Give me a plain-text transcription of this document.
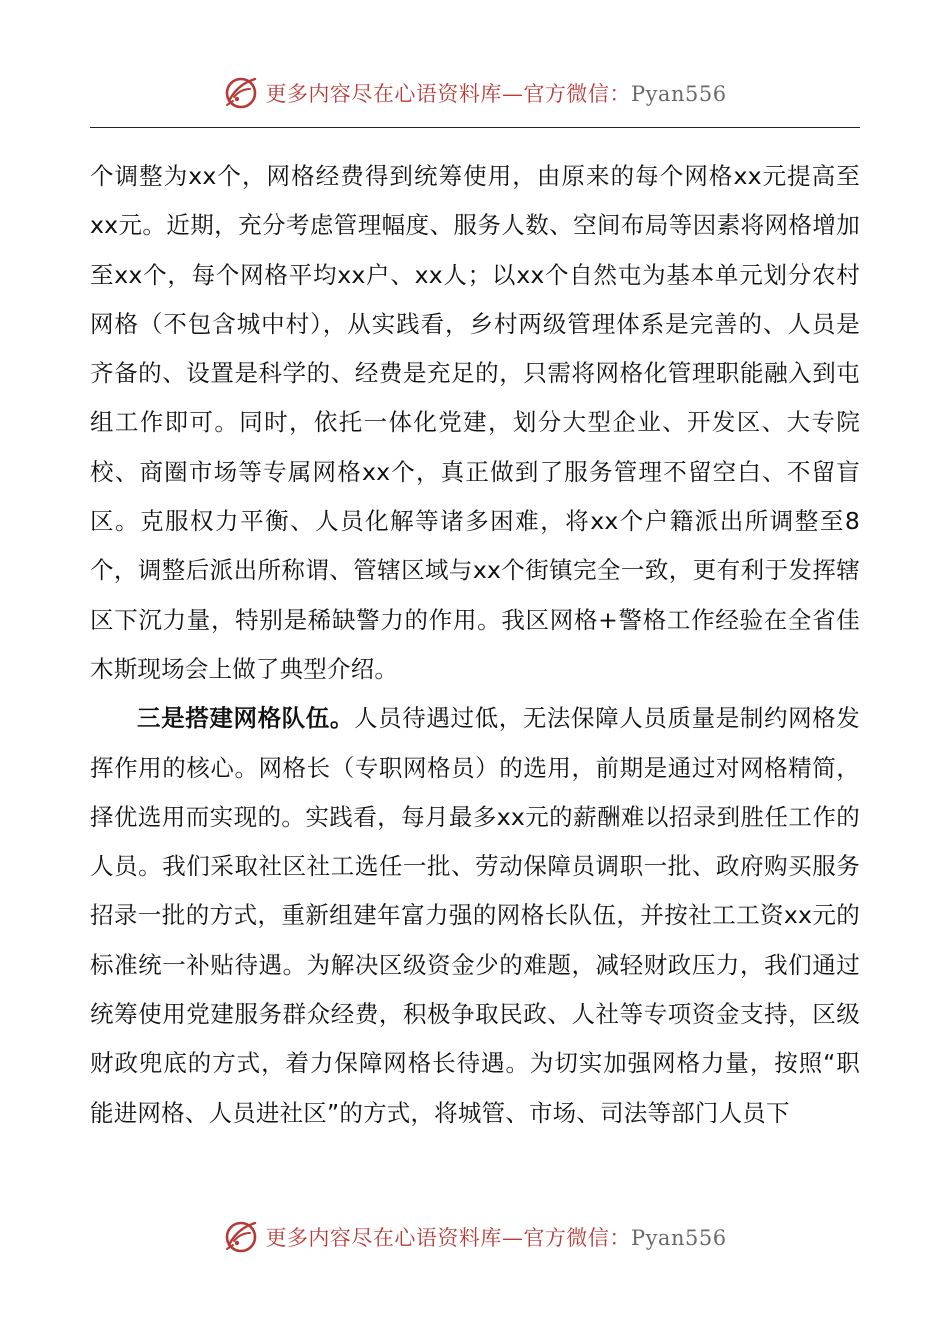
更多内容尽在心语资料库—官方微信：Pyan556

个调整为xx个，网格经费得到统筹使用，由原来的每个网格xx元提高至xx元。近期，充分考虑管理幅度、服务人数、空间布局等因素将网格增加至xx个，每个网格平均xx户、xx人；以xx个自然屯为基本单元划分农村网格（不包含城中村），从实践看，乡村两级管理体系是完善的、人员是齐备的、设置是科学的、经费是充足的，只需将网格化管理职能融入到屯组工作即可。同时，依托一体化党建，划分大型企业、开发区、大专院校、商圈市场等专属网格xx个，真正做到了服务管理不留空白、不留盲区。克服权力平衡、人员化解等诸多困难，将xx个户籍派出所调整至8个，调整后派出所称谓、管辖区域与xx个街镇完全一致，更有利于发挥辖区下沉力量，特别是稀缺警力的作用。我区网格+警格工作经验在全省佳木斯现场会上做了典型介绍。

三是搭建网格队伍。人员待遇过低，无法保障人员质量是制约网格发挥作用的核心。网格长（专职网格员）的选用，前期是通过对网格精简，择优选用而实现的。实践看，每月最多xx元的薪酬难以招录到胜任工作的人员。我们采取社区社工选任一批、劳动保障员调职一批、政府购买服务招录一批的方式，重新组建年富力强的网格长队伍，并按社工工资xx元的标准统一补贴待遇。为解决区级资金少的难题，减轻财政压力，我们通过统筹使用党建服务群众经费，积极争取民政、人社等专项资金支持，区级财政兜底的方式，着力保障网格长待遇。为切实加强网格力量，按照“职能进网格、人员进社区”的方式，将城管、市场、司法等部门人员下

更多内容尽在心语资料库—官方微信：Pyan556
